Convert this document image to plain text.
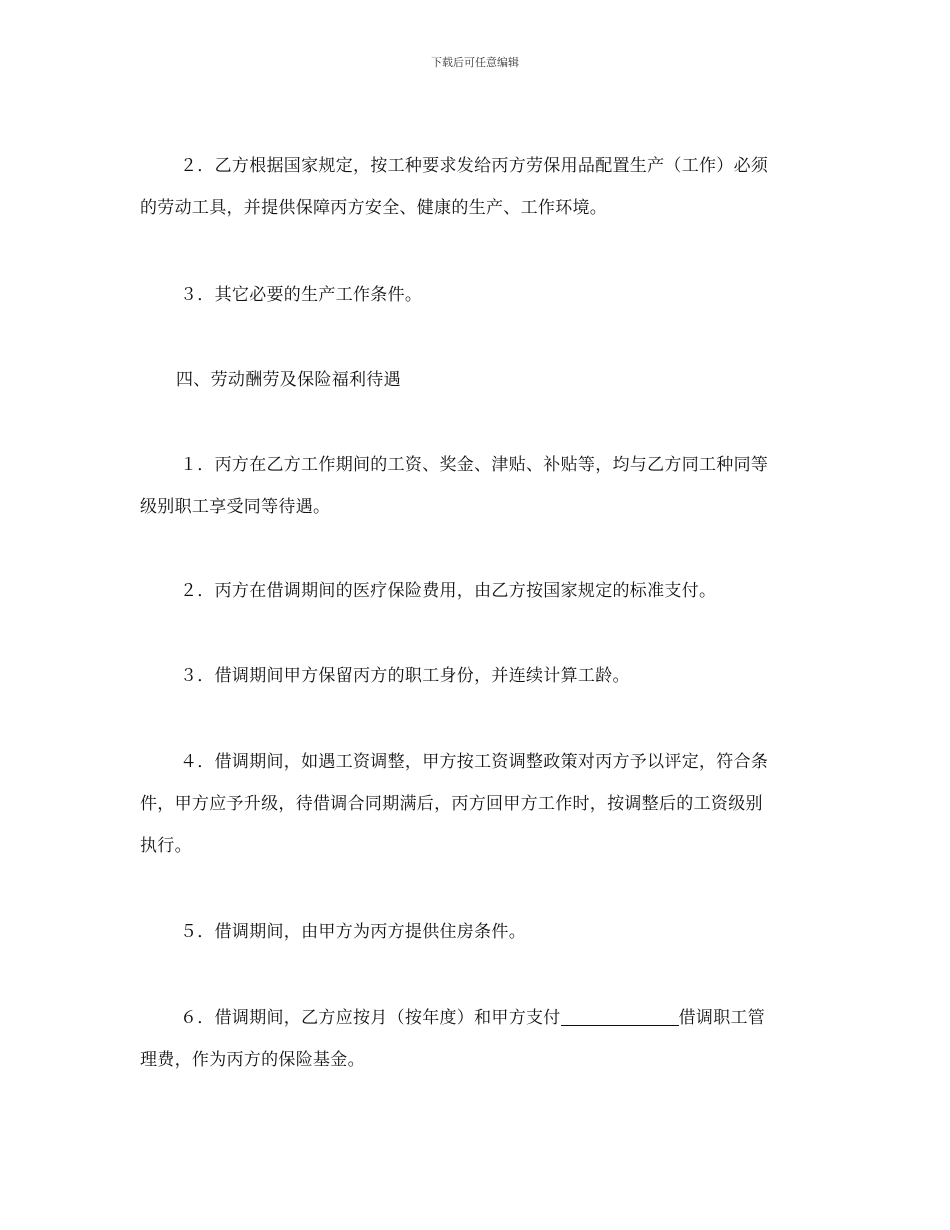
下载后可任意编辑
２．乙方根据国家规定，按工种要求发给丙方劳保用品配置生产（工作）必须
的劳动工具，并提供保障丙方安全、健康的生产、工作环境。
３．其它必要的生产工作条件。
四、劳动酬劳及保险福利待遇
１．丙方在乙方工作期间的工资、奖金、津贴、补贴等，均与乙方同工种同等
级别职工享受同等待遇。
２．丙方在借调期间的医疗保险费用，由乙方按国家规定的标准支付。
３．借调期间甲方保留丙方的职工身份，并连续计算工龄。
４．借调期间，如遇工资调整，甲方按工资调整政策对丙方予以评定，符合条
件，甲方应予升级，待借调合同期满后，丙方回甲方工作时，按调整后的工资级别
执行。
５．借调期间，由甲方为丙方提供住房条件。
６．借调期间，乙方应按月（按年度）和甲方支付	借调职工管
理费，作为丙方的保险基金。
